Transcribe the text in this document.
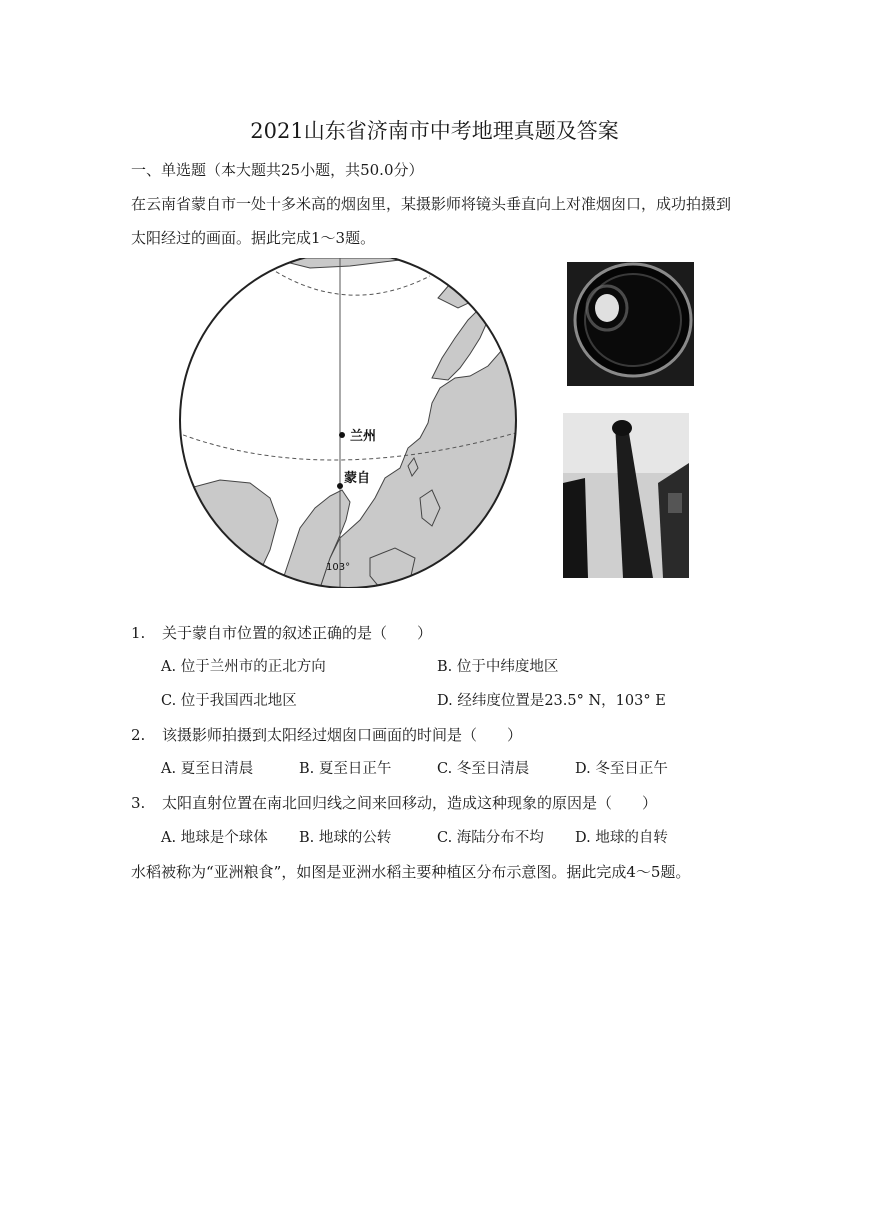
2021山东省济南市中考地理真题及答案
一、单选题（本大题共25小题，共50.0分）
在云南省蒙自市一处十多米高的烟囱里，某摄影师将镜头垂直向上对准烟囱口，成功拍摄到
太阳经过的画面。据此完成1～3题。
兰州
蒙自
103°
1. 关于蒙自市位置的叙述正确的是（　　）
A. 位于兰州市的正北方向	B. 位于中纬度地区
C. 位于我国西北地区	D. 经纬度位置是23.5° N，103° E
2. 该摄影师拍摄到太阳经过烟囱口画面的时间是（　　）
A. 夏至日清晨	B. 夏至日正午	C. 冬至日清晨	D. 冬至日正午
3. 太阳直射位置在南北回归线之间来回移动，造成这种现象的原因是（　　）
A. 地球是个球体 B. 地球的公转	C. 海陆分布不均 D. 地球的自转
水稻被称为“亚洲粮食”，如图是亚洲水稻主要种植区分布示意图。据此完成4～5题。
